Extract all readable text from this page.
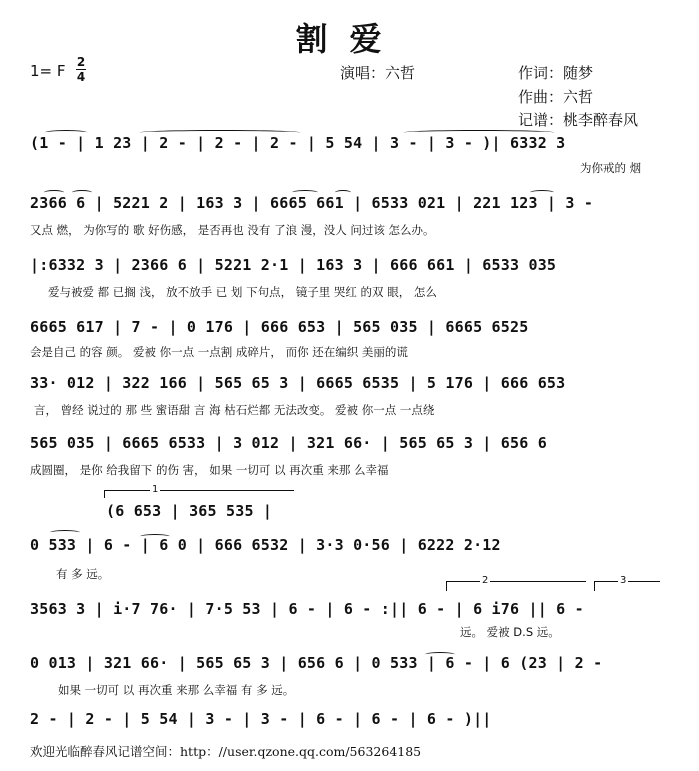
割爱
1= F 2
4	演唱：六哲	作词：随梦
作曲：六哲
记谱：桃李醉春风
(1 - | 1 23 | 2 - | 2 - | 2 - | 5 54 | 3 - | 3 - )| 6332 3
为你戒的 烟
2366 6 | 5221 2 | 163 3 | 6665 661 | 6533 021 | 221 123 | 3 -
又点 燃， 为你写的 歌 好伤感， 是否再也 没有 了浪 漫，没人 问过该 怎么办。
|:6332 3 | 2366 6 | 5221 2·1 | 163 3 | 666 661 | 6533 035
爱与被爱 都 已搁 浅， 放不放手 已 划 下句点， 镜子里 哭红 的双 眼， 怎么
6665 617 | 7 - | 0 176 | 666 653 | 565 035 | 6665 6525
会是自己 的容 颜。 爱被 你一点 一点割 成碎片， 而你 还在编织 美丽的谎
33· 012 | 322 166 | 565 65 3 | 6665 6535 | 5 176 | 666 653
言， 曾经 说过的 那 些 蜜语甜 言 海 枯石烂都 无法改变。 爱被 你一点 一点绕
565 035 | 6665 6533 | 3 012 | 321 66· | 565 65 3 | 656 6
成圆圈， 是你 给我留下 的伤 害， 如果 一切可 以 再次重 来那 么幸福
1
(6 653 | 365 535 |
0 533 | 6 - | 6 0 | 666 6532 | 3·3 0·56 | 6222 2·12
有 多 远。	2	3
3563 3 | i·7 76· | 7·5 53 | 6 - | 6 - :|| 6 - | 6 i76 || 6 -
远。 爱被 D.S 远。
0 013 | 321 66· | 565 65 3 | 656 6 | 0 533 | 6 - | 6 (23 | 2 -
如果 一切可 以 再次重 来那 么幸福 有 多 远。
2 - | 2 - | 5 54 | 3 - | 3 - | 6 - | 6 - | 6 - )||
欢迎光临醉春风记谱空间：http：//user.qzone.qq.com/563264185
